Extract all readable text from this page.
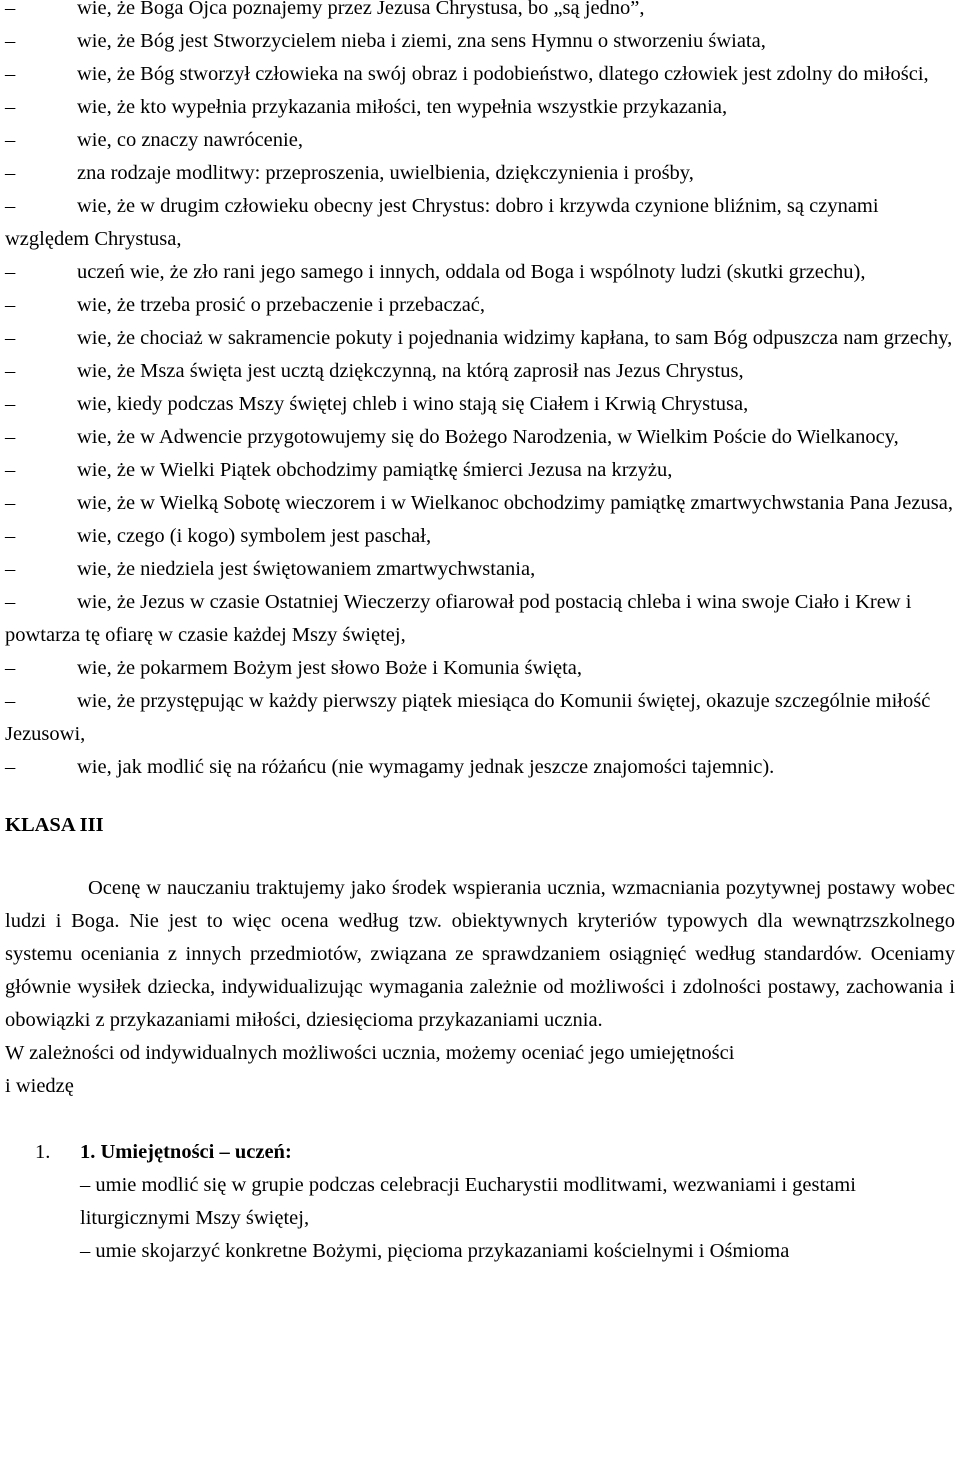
–	wie, że Boga Ojca poznajemy przez Jezusa Chrystusa, bo „są jedno”,
–	wie, że Bóg jest Stworzycielem nieba i ziemi, zna sens Hymnu o stworzeniu świata,
–	wie, że Bóg stworzył człowieka na swój obraz i podobieństwo, dlatego człowiek jest zdolny do miłości,
–	wie, że kto wypełnia przykazania miłości, ten wypełnia wszystkie przykazania,
–	wie, co znaczy nawrócenie,
–	zna rodzaje modlitwy: przeproszenia, uwielbienia, dziękczynienia i prośby,
–	wie, że w drugim człowieku obecny jest Chrystus: dobro i krzywda czynione bliźnim, są czynami względem Chrystusa,
–	uczeń wie, że zło rani jego samego i innych, oddala od Boga i wspólnoty ludzi (skutki grzechu),
–	wie, że trzeba prosić o przebaczenie i przebaczać,
–	wie, że chociaż w sakramencie pokuty i pojednania widzimy kapłana, to sam Bóg odpuszcza nam grzechy,
–	wie, że Msza święta jest ucztą dziękczynną, na którą zaprosił nas Jezus Chrystus,
–	wie, kiedy podczas Mszy świętej chleb i wino stają się Ciałem i Krwią Chrystusa,
–	wie, że w Adwencie przygotowujemy się do Bożego Narodzenia, w Wielkim Poście do Wielkanocy,
–	wie, że w Wielki Piątek obchodzimy pamiątkę śmierci Jezusa na krzyżu,
–	wie, że w Wielką Sobotę wieczorem i w Wielkanoc obchodzimy pamiątkę zmartwychwstania Pana Jezusa,
–	wie, czego (i kogo) symbolem jest paschał,
–	wie, że niedziela jest świętowaniem zmartwychwstania,
–	wie, że Jezus w czasie Ostatniej Wieczerzy ofiarował pod postacią chleba i wina swoje Ciało i Krew i powtarza tę ofiarę w czasie każdej Mszy świętej,
–	wie, że pokarmem Bożym jest słowo Boże i Komunia święta,
–	wie, że przystępując w każdy pierwszy piątek miesiąca do Komunii świętej, okazuje szczególnie miłość Jezusowi,
–	wie, jak modlić się na różańcu (nie wymagamy jednak jeszcze znajomości tajemnic).
KLASA III
Ocenę w nauczaniu traktujemy jako środek wspierania ucznia, wzmacniania pozytywnej postawy wobec ludzi i Boga. Nie jest to więc ocena według tzw. obiektywnych kryteriów typowych dla wewnątrzszkolnego systemu oceniania z innych przedmiotów, związana ze sprawdzaniem osiągnięć według standardów. Oceniamy głównie wysiłek dziecka, indywidualizując wymagania zależnie od możliwości i zdolności postawy, zachowania i obowiązki z przykazaniami miłości, dziesięcioma przykazaniami ucznia.
W zależności od indywidualnych możliwości ucznia, możemy oceniać jego umiejętności
i wiedzę
1. 1. Umiejętności – uczeń:
– umie modlić się w grupie podczas celebracji Eucharystii modlitwami, wezwaniami i gestami liturgicznymi Mszy świętej,
– umie skojarzyć konkretne Bożymi, pięcioma przykazaniami kościelnymi i Ośmioma
